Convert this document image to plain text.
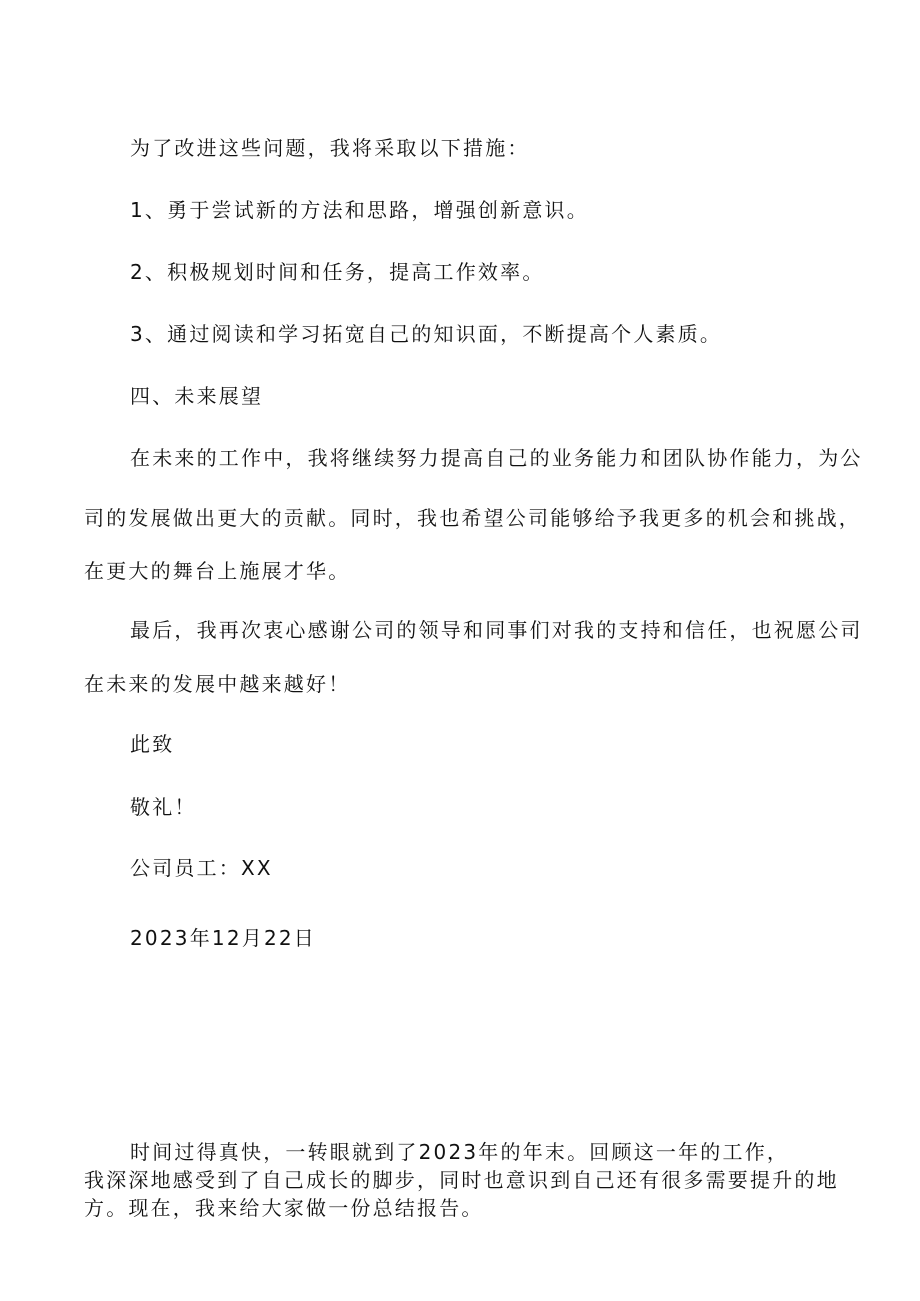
为了改进这些问题，我将采取以下措施：

1、勇于尝试新的方法和思路，增强创新意识。

2、积极规划时间和任务，提高工作效率。

3、通过阅读和学习拓宽自己的知识面，不断提高个人素质。

四、未来展望

在未来的工作中，我将继续努力提高自己的业务能力和团队协作能力，为公

司的发展做出更大的贡献。同时，我也希望公司能够给予我更多的机会和挑战，

在更大的舞台上施展才华。

最后，我再次衷心感谢公司的领导和同事们对我的支持和信任，也祝愿公司

在未来的发展中越来越好！

此致

敬礼！

公司员工：XX

2023年12月22日

时间过得真快，一转眼就到了2023年的年末。回顾这一年的工作，

我深深地感受到了自己成长的脚步，同时也意识到自己还有很多需要提升的地

方。现在，我来给大家做一份总结报告。
